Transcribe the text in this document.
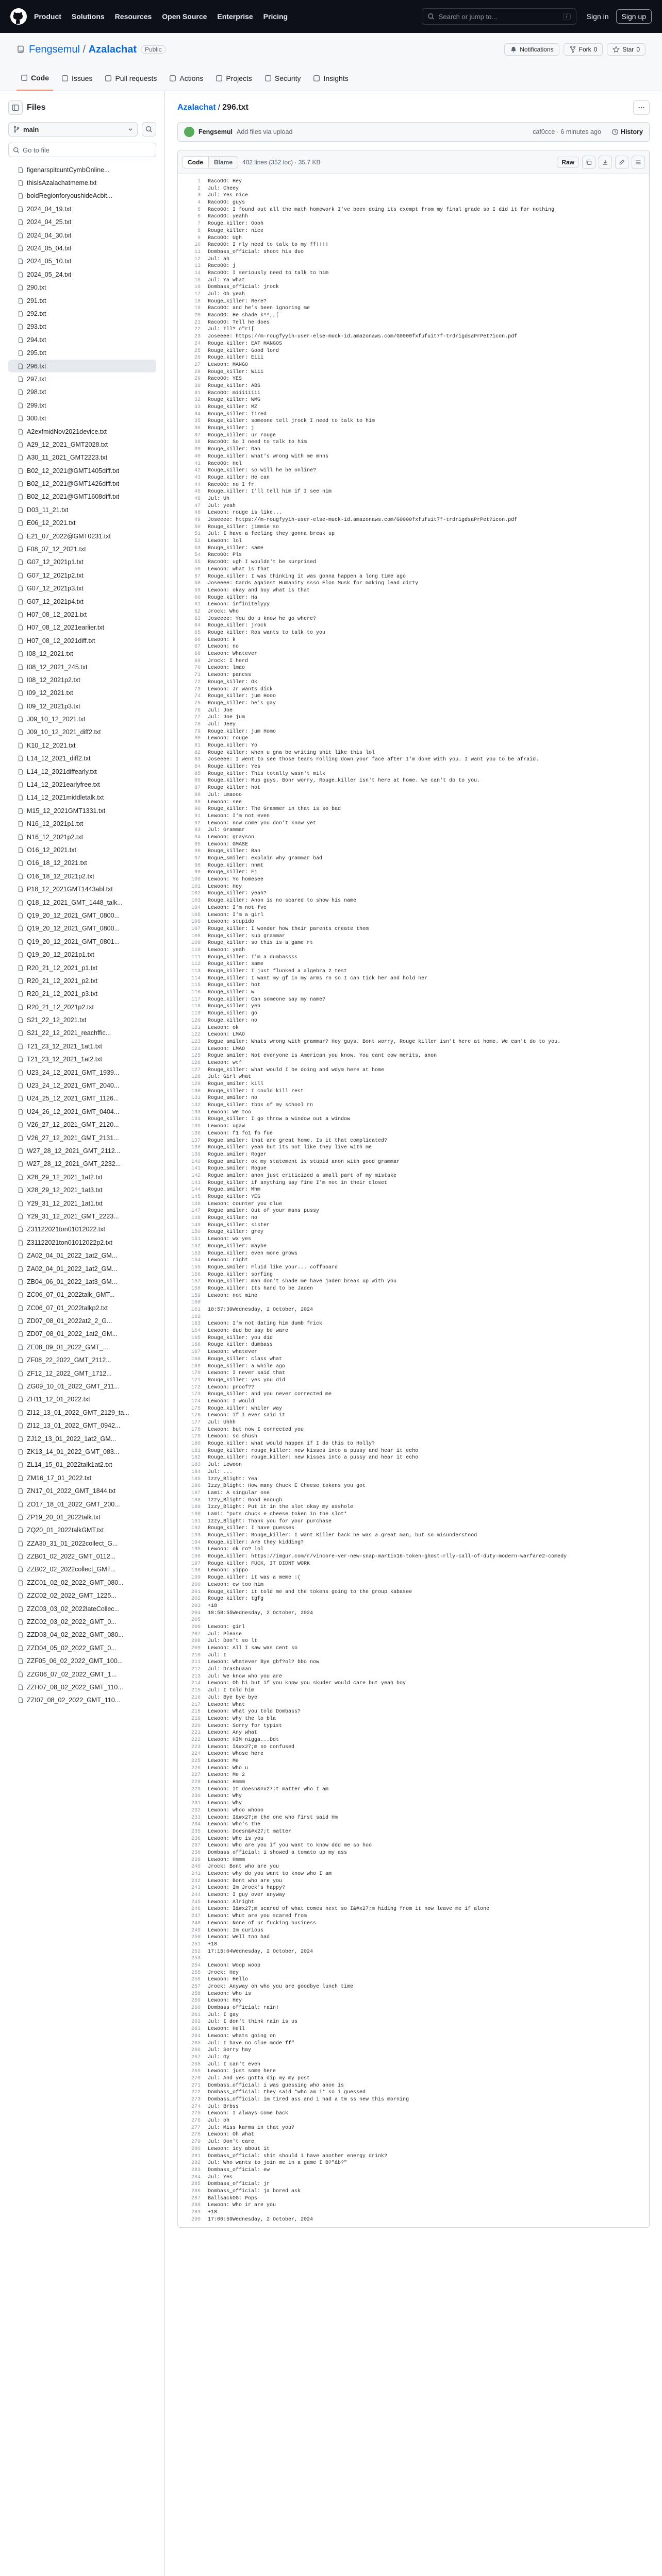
Product Solutions Resources Open Source Enterprise Pricing	Search or jump to...	/	Sign in	Sign up
Fengsemul / Azalachat	Public	Notifications	Fork 0	Star 0
Code	Issues	Pull requests	Actions	Projects	Security	Insights
Files
main
Go to file
figenarspitcuntCymbOnline...
thisIsAzalachatmeme.txt
boldRegionforyoushideAcbit...
2024_04_19.txt
2024_04_25.txt
2024_04_30.txt
2024_05_04.txt
2024_05_10.txt
2024_05_24.txt
290.txt
291.txt
292.txt
293.txt
294.txt
295.txt
296.txt
297.txt
298.txt
299.txt
300.txt
A2exfmidNov2021device.txt
A29_12_2021_GMT2028.txt
A30_11_2021_GMT2223.txt
B02_12_2021@GMT1405diff.txt
B02_12_2021@GMT1426diff.txt
B02_12_2021@GMT1608diff.txt
D03_11_21.txt
E06_12_2021.txt
E21_07_2022@GMT0231.txt
F08_07_12_2021.txt
G07_12_2021p1.txt
G07_12_2021p2.txt
G07_12_2021p3.txt
G07_12_2021p4.txt
H07_08_12_2021.txt
H07_08_12_2021earlier.txt
H07_08_12_2021diff.txt
I08_12_2021.txt
I08_12_2021_245.txt
I08_12_2021p2.txt
I09_12_2021.txt
I09_12_2021p3.txt
J09_10_12_2021.txt
J09_10_12_2021_diff2.txt
K10_12_2021.txt
L14_12_2021_diff2.txt
L14_12_2021diffearly.txt
L14_12_2021earlyfree.txt
L14_12_2021middletalk.txt
M15_12_2021GMT1331.txt
N16_12_2021p1.txt
N16_12_2021p2.txt
O16_12_2021.txt
O16_18_12_2021.txt
O16_18_12_2021p2.txt
P18_12_2021GMT1443abl.txt
Q18_12_2021_GMT_1448_talk...
Q19_20_12_2021_GMT_0800...
Q19_20_12_2021_GMT_0800...
Q19_20_12_2021_GMT_0801...
Q19_20_12_2021p1.txt
R20_21_12_2021_p1.txt
R20_21_12_2021_p2.txt
R20_21_12_2021_p3.txt
R20_21_12_2021p2.txt
S21_22_12_2021.txt
S21_22_12_2021_reachffic...
T21_23_12_2021_1at1.txt
T21_23_12_2021_1at2.txt
U23_24_12_2021_GMT_1939...
U23_24_12_2021_GMT_2040...
U24_25_12_2021_GMT_1126...
U24_26_12_2021_GMT_0404...
V26_27_12_2021_GMT_2120...
V26_27_12_2021_GMT_2131...
W27_28_12_2021_GMT_2112...
W27_28_12_2021_GMT_2232...
X28_29_12_2021_1at2.txt
X28_29_12_2021_1at3.txt
Y29_31_12_2021_1at1.txt
Y29_31_12_2021_GMT_2223...
Z31122021ton01012022.txt
Z31122021ton01012022p2.txt
ZA02_04_01_2022_1at2_GM...
ZA02_04_01_2022_1at2_GM...
ZB04_06_01_2022_1at3_GM...
ZC06_07_01_2022talk_GMT...
ZC06_07_01_2022talkp2.txt
ZD07_08_01_2022at2_2_G...
ZD07_08_01_2022_1at2_GM...
ZE08_09_01_2022_GMT_...
ZF08_22_2022_GMT_2112...
ZF12_12_2022_GMT_1712...
ZG09_10_01_2022_GMT_211...
ZH11_12_01_2022.txt
ZI12_13_01_2022_GMT_2129_ta...
ZI12_13_01_2022_GMT_0942...
ZJ12_13_01_2022_1at2_GM...
ZK13_14_01_2022_GMT_083...
ZL14_15_01_2022talk1at2.txt
ZM16_17_01_2022.txt
ZN17_01_2022_GMT_1844.txt
ZO17_18_01_2022_GMT_200...
ZP19_20_01_2022talk.txt
ZQ20_01_2022talkGMT.txt
ZZA30_31_01_2022collect_G...
ZZB01_02_2022_GMT_0112...
ZZB02_02_2022collect_GMT...
ZZC01_02_02_2022_GMT_080...
ZZC02_02_2022_GMT_1225...
ZZC03_03_02_2022lateCollec...
ZZC02_03_02_2022_GMT_0...
ZZD03_04_02_2022_GMT_080...
ZZD04_05_02_2022_GMT_0...
ZZF05_06_02_2022_GMT_100...
ZZG06_07_02_2022_GMT_1...
ZZH07_08_02_2022_GMT_110...
ZZI07_08_02_2022_GMT_110...
Azalachat / 296.txt
Fengsemul Add files via upload	caf0cce · 6 minutes ago	History
Code	Blame	402 lines (352 loc) · 35.7 KB	Raw
1	RacoOO: Hey
2	Jul: Cheey
3	Jul: Yes nice
4	RacoOO: guys
5	RacoOO: I found out all the math homework I've been doing its exempt from my final grade so I did it for nothing
6	RacoOO: yeahh
7	Rouge_killer: Oooh
8	Rouge_killer: nice
9	RacoOO: Ugh
10	RacoOO: I rly need to talk to my ff!!!!
11	Dombass_official: shoot his duo
12	Jul: ah
13	RacoOO: j
14	RacoOO: I seriously need to talk to him
15	Jul: Ya what
16	Dombass_official: jrock
17	Jul: Oh yeah
18	Rouge_killer: Rere?
19	RacoOO: and he's been ignoring me
20	RacoOO: He shade k^^,,[
21	RacoOO: Tell he does
22	Jul: Tll? o"ri[
23	Joseeee: https://m-rougfyyih-user-else-muck-id.amazonaws.com/G0000fxfufuit7f-trdrigdsaPrPet?icon.pdf
24	Rouge_killer: EAT MANGOS
25	Rouge_killer: Good lord
26	Rouge_killer: Eiii
27	Lewoon: MANGO
28	Rouge_killer: Wiii
29	RacoOO: YES
30	Rouge_killer: ABS
31	RacoOO: miiiiiiii
32	Rouge_killer: WMG
33	Rouge_killer: MZ
34	Rouge_killer: Tired
35	Rouge_killer: someone tell jrock I need to talk to him
36	Rouge_killer: j
37	Rouge_killer: ur rouge
38	RacoOO: So I need to talk to him
39	Rouge_killer: Gah
40	Rouge_killer: what's wrong with me mnns
41	RacoOO: Hel
42	Rouge_killer: so will he be online?
43	Rouge_killer: He can
44	RacoOO: no I fr
45	Rouge_killer: I'll tell him if I see him
46	Jul: Uh
47	Jul: yeah
48	Lewoon: rouge is like...
49	Joseeee: https://m-rougfyyih-user-else-muck-id.amazonaws.com/G0000fxfufuit7f-trdrigdsaPrPet?icon.pdf
50	Rouge_killer: jimmie so
51	Jul: I have a feeling they gonna break up
52	Lewoon: lol
53	Rouge_killer: same
54	RacoOO: Pls
55	RacoOO: ugh I wouldn't be surprised
56	Lewoon: what is that
57	Rouge_killer: I was thinking it was gonna happen a long time ago
58	Joseeee: Cards Against Humanity ssso Elon Musk for making lead dirty
59	Lewoon: okay and buy what is that
60	Rouge_killer: Ha
61	Lewoon: infinitelyyy
62	Jrock: Who
63	Joseeee: You do u know he go where?
64	Rouge_killer: jrock
65	Rouge_killer: Ros wants to talk to you
66	Lewoon: k
67	Lewoon: no
68	Lewoon: Whatever
69	Jrock: I herd
70	Lewoon: lmao
71	Lewoon: pancss
72	Rouge_killer: Ok
73	Lewoon: Jr wants dick
74	Rouge_killer: jum Hooo
75	Rouge_killer: he's gay
76	Jul: Joe
77	Jul: Joe jum
78	Jul: Jeey
79	Rouge_killer: jum Homo
80	Lewoon: rouge
81	Rouge_killer: Yo
82	Rouge_killer: when u gna be writing shit like this lol
83	Joseeee: I went to see those tears rolling down your face after I'm done with you. I want you to be afraid.
84	Rouge_killer: Yes
85	Rouge_killer: This totally wasn't milk
86	Rouge_killer: Mup guys. Bonr worry, Rouge_killer isn't here at home. We can't do to you.
87	Rouge_killer: hot
88	Jul: Lmaooo
89	Lewoon: see
90	Rouge_killer: The Grammer in that is so bad
91	Lewoon: I'm not even
92	Lewoon: now come you don't know yet
93	Jul: Grammar
94	Lewoon: grayson
95	Lewoon: GMASE
96	Rouge_killer: Ban
97	Rogue_smiler: explain why grammar bad
98	Rouge_killer: nnmt
99	Rouge_killer: Fj
100	Lewoon: Yo homesee
101	Lewoon: Hey
102	Rouge_killer: yeah?
103	Rouge_killer: Anon is no scared to show his name
104	Lewoon: I'm not fvc
105	Lewoon: I'm a girl
106	Lewoon: stupido
107	Rouge_killer: I wonder how their parents create them
108	Rouge_killer: sup grammar
109	Rouge_killer: so this is a game rt
110	Lewoon: yeah
111	Rouge_killer: I'm a dumbassss
112	Rouge_killer: same
113	Rouge_killer: I just flunked a algebra 2 test
114	Rouge_killer: I want my gf in my arms rn so I can tick her and hold her
115	Rouge_killer: hot
116	Rouge_killer: w
117	Rouge_killer: Can someone say my name?
118	Rouge_killer: yeh
119	Rouge_killer: go
120	Rouge_killer: no
121	Lewoon: ok
122	Lewoon: LMAO
123	Rogue_smiler: Whats wrong with grammar? Hey guys. Bont worry, Rouge_killer isn't here at home. We can't do to you.
124	Lewoon: LMAO
125	Rogue_smiler: Not everyone is American you know. You cant cow merits, anon
126	Lewoon: wtf
127	Rouge_killer: what would I be doing and wdym here at home
128	Jul: Girl what
129	Rogue_smiler: kill
130	Rouge_killer: I could kill rest
131	Rogue_smiler: no
132	Rouge_killer: tbbs of my school rn
133	Lewoon: We too
134	Rouge_killer: I go throw a window out a window
135	Lewoon: ugaw
136	Lewoon: f1 fo1 fo fue
137	Rogue_smiler: that are great home. Is it that complicated?
138	Rouge_killer: yeah but its not like they live with me
139	Rogue_smiler: Roger
140	Rogue_smiler: ok my statement is stupid anon with good grammar
141	Rogue_smiler: Rogue
142	Rogue_smiler: anon just criticized a small part of my mistake
143	Rouge_killer: if anything say fine I'm not in their closet
144	Rogue_smiler: Mhm
145	Rouge_killer: YES
146	Lewoon: counter you clue
147	Rogue_smiler: Out of your mans pussy
148	Rouge_killer: no
149	Rouge_killer: sister
150	Rouge_killer: grey
151	Lewoon: wx yes
152	Rouge_killer: maybe
153	Rouge_killer: even more grows
154	Lewoon: right
155	Rogue_smiler: Fluid like your... coffboard
156	Rouge_killer: sorfing
157	Rouge_killer: man don't shade me have jaden break up with you
158	Rouge_killer: Its hard to be Jaden
159	Lewoon: not mine
160
161	18:57:39Wednesday, 2 October, 2024
162
163	Lewoon: I'm not dating him dumb frick
164	Lewoon: dud be say be ware
165	Rouge_killer: you did
166	Rouge_killer: dumbass
167	Lewoon: whatever
168	Rouge_killer: class what
169	Rouge_killer: a while ago
170	Lewoon: I never said that
171	Rouge_killer: yes you did
172	Lewoon: proof??
173	Rouge_killer: and you never corrected me
174	Lewoon: I would
175	Rouge_killer: whiler way
176	Lewoon: if I ever said it
177	Jul: Uhhh
178	Lewoon: but now I corrected you
179	Lewoon: so shush
180	Rouge_killer: what would happen if I do this to Holly?
181	Rouge_killer: rouge_killer: new kisses into a pussy and hear it echo
182	Rouge_killer: rouge_killer: new kisses into a pussy and hear it echo
183	Jul: Lewoon
184	Jul: ...
185	Izzy_Blight: Yea
186	Izzy_Blight: How many Chuck E Cheese tokens you got
187	Lami: A singular one
188	Izzy_Blight: Good enough
189	Izzy_Blight: Put it in the slot okay my asshole
190	Lami: *puts chuck e cheese token in the slot*
191	Izzy_Blight: Thank you for your purchase
192	Rouge_killer: I have guesses
193	Rouge_killer: Rouge_killer: I want Killer back he was a great man, but so misunderstood
194	Rouge_killer: Are they kidding?
195	Lewoon: ok ro? lol
196	Rouge_killer: https://imgur.com/r/vincore-ver-new-snap-martin16-token-ghost-rlly-call-of-duty-modern-warfare2-comedy
197	Rouge_killer: FUCK, IT DIDNT WORK
198	Lewoon: yippo
199	Rouge_killer: it was a meme :(
200	Lewoon: ew too him
201	Rouge_killer: it told me and the tokens going to the group kabasee
202	Rouge_killer: tgfg
203	+18
204	18:58:55Wednesday, 2 October, 2024
205
206	Lewoon: girl
207	Jul: Please
208	Jul: Don't so lt
209	Lewoon: All I saw was cent so
210	Jul: I
211	Lewoon: Whatever Bye gbf?ol? bbo now
212	Jul: Drasbuaan
213	Jul: We know who you are
214	Lewoon: Oh hi but if you know you skuder would care but yeah boy
215	Jul: I told him
216	Jul: Bye bye bye
217	Lewoon: What
218	Lewoon: What you told Dombass?
219	Lewoon: why the lo bla
220	Lewoon: Sorry for typist
221	Lewoon: Any what
222	Lewoon: HIM nigga...Ddt
223	Lewoon: I&#x27;m so confused
224	Lewoon: Whose here
225	Lewoon: Me
226	Lewoon: Who u
227	Lewoon: Me 2
228	Lewoon: Hmmm
229	Lewoon: It doesn&#x27;t matter who I am
230	Lewoon: Why
231	Lewoon: Why
232	Lewoon: whoo whooo
233	Lewoon: I&#x27;m the one who first said Hm
234	Lewoon: Who's the
235	Lewoon: Doesn&#x27;t matter
236	Lewoon: Who is you
237	Lewoon: Who are you if you want to know ddd me so hoo
238	Dombass_official: i showed a tomato up my ass
239	Lewoon: Hmmm
240	Jrock: Bont who are you
241	Lewoon: why do you want to know who I am
242	Lewoon: Bont who are you
243	Lewoon: Im Jrock's happy?
244	Lewoon: I guy over anyway
245	Lewoon: Alright
246	Lewoon: I&#x27;m scared of what comes next so I&#x27;m hiding from it now leave me if alone
247	Lewoon: Whut are you scared from
248	Lewoon: None of ur fucking business
249	Lewoon: Im curious
250	Lewoon: Well too bad
251	+18
252	17:15:04Wednesday, 2 October, 2024
253
254	Lewoon: Woop woop
255	Jrock: Hey
256	Lewoon: Hello
257	Jrock: Anyway oh who you are goodbye lunch time
258	Lewoon: Who is
259	Lewoon: Hey
260	Dombass_official: rain!
261	Jul: I gay
262	Jul: I don't think rain is us
263	Lewoon: Hell
264	Lewoon: whats going on
265	Jul: I have no clue mode ff"
266	Jul: Sorry hay
267	Jul: Gy
268	Jul: I can't even
269	Lewoon: just some here
270	Jul: And yes gotta dip my my post
271	Dombass_official: i was guessing who anon is
272	Dombass_official: they said *who am i* so i guessed
273	Dombass_official: im tired ass and i had a tm ss new this morning
274	Jul: Brbss
275	Lewoon: I always come back
276	Jul: oh
277	Jul: Miss karma in that you?
278	Lewoon: Oh what
279	Jul: Don't care
280	Lewoon: icy about it
281	Dombass_official: shit should i have another energy drink?
282	Jul: Who wants to join me in a game I B?"&b?"
283	Dombass_official: ew
284	Jul: Yes
285	Dombass_official: jr
286	Dombass_official: ja bored ask
287	BallsackOG: Pops
288	Lewoon: Who ir are you
289	+18
290	17:00:59Wednesday, 2 October, 2024
